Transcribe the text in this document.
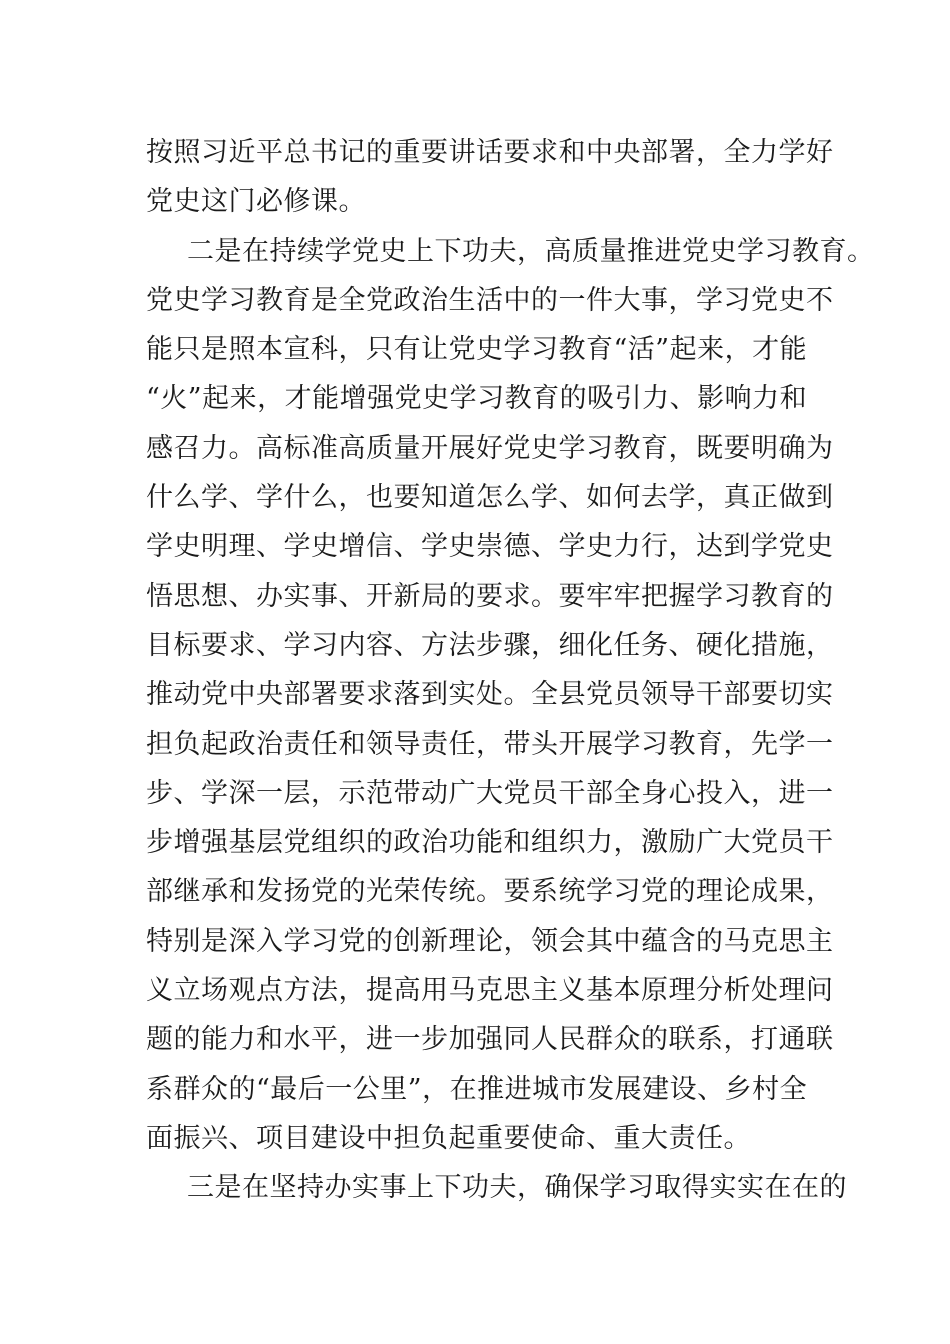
按照习近平总书记的重要讲话要求和中央部署，全力学好
党史这门必修课。
二是在持续学党史上下功夫，高质量推进党史学习教育。
党史学习教育是全党政治生活中的一件大事，学习党史不
能只是照本宣科，只有让党史学习教育“活”起来，才能
“火”起来，才能增强党史学习教育的吸引力、影响力和
感召力。高标准高质量开展好党史学习教育，既要明确为
什么学、学什么，也要知道怎么学、如何去学，真正做到
学史明理、学史增信、学史崇德、学史力行，达到学党史
悟思想、办实事、开新局的要求。要牢牢把握学习教育的
目标要求、学习内容、方法步骤，细化任务、硬化措施，
推动党中央部署要求落到实处。全县党员领导干部要切实
担负起政治责任和领导责任，带头开展学习教育，先学一
步、学深一层，示范带动广大党员干部全身心投入，进一
步增强基层党组织的政治功能和组织力，激励广大党员干
部继承和发扬党的光荣传统。要系统学习党的理论成果，
特别是深入学习党的创新理论，领会其中蕴含的马克思主
义立场观点方法，提高用马克思主义基本原理分析处理问
题的能力和水平，进一步加强同人民群众的联系，打通联
系群众的“最后一公里”，在推进城市发展建设、乡村全
面振兴、项目建设中担负起重要使命、重大责任。
三是在坚持办实事上下功夫，确保学习取得实实在在的
